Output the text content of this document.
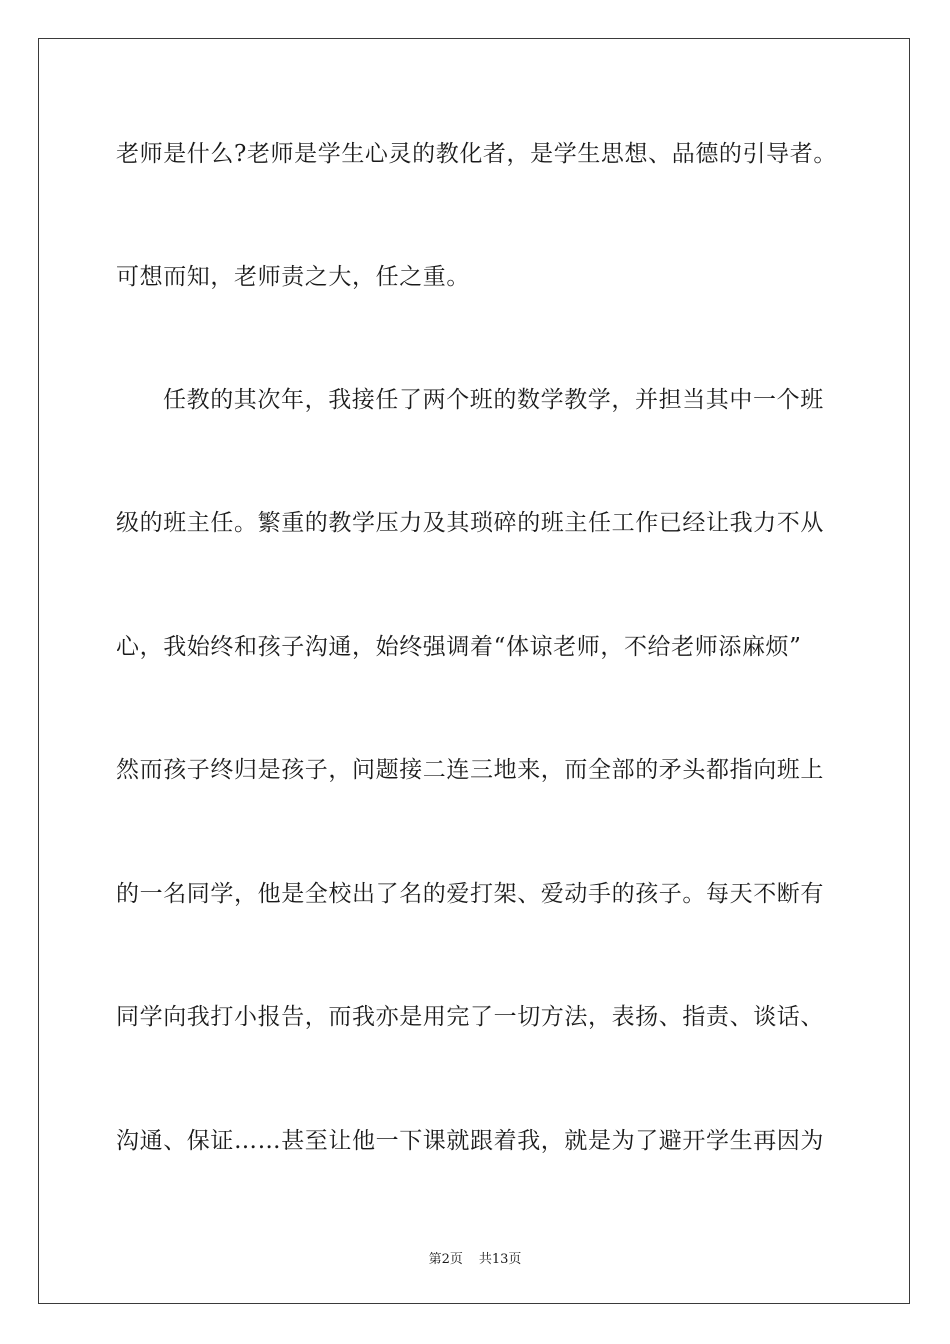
老师是什么?老师是学生心灵的教化者，是学生思想、品德的引导者。
可想而知，老师责之大，任之重。
任教的其次年，我接任了两个班的数学教学，并担当其中一个班
级的班主任。繁重的教学压力及其琐碎的班主任工作已经让我力不从
心，我始终和孩子沟通，始终强调着“体谅老师，不给老师添麻烦”
然而孩子终归是孩子，问题接二连三地来，而全部的矛头都指向班上
的一名同学，他是全校出了名的爱打架、爱动手的孩子。每天不断有
同学向我打小报告，而我亦是用完了一切方法，表扬、指责、谈话、
沟通、保证……甚至让他一下课就跟着我，就是为了避开学生再因为
第2页 共13页
